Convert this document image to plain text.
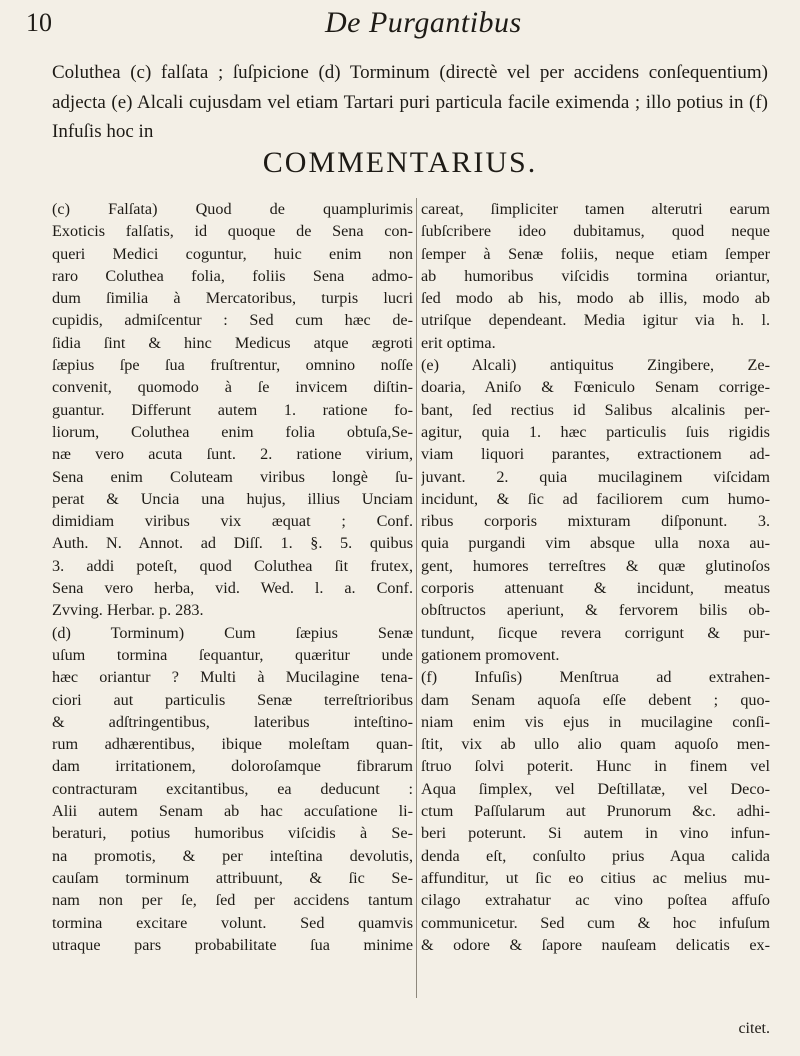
10	De Purgantibus

Coluthea (c) falſata ; ſuſpicione (d) Torminum (directè vel per accidens conſequentium) adjecta (e) Alcali cujusdam vel etiam Tartari puri particula facile eximenda ; illo potius in (f) Infuſis hoc in

COMMENTARIUS.
(c) Falſata) Quod de quamplurimis
Exoticis falſatis, id quoque de Sena con-
queri Medici coguntur, huic enim non
raro Coluthea folia, foliis Sena admo-
dum ſimilia à Mercatoribus, turpis lucri
cupidis, admiſcentur : Sed cum hæc de-
ſidia ſint & hinc Medicus atque ægroti
ſæpius ſpe ſua fruſtrentur, omnino noſſe
convenit, quomodo à ſe invicem diſtin-
guantur. Differunt autem 1. ratione fo-
liorum, Coluthea enim folia obtuſa,Se-
næ vero acuta ſunt. 2. ratione virium,
Sena enim Coluteam viribus longè ſu-
perat & Uncia una hujus, illius Unciam
dimidiam viribus vix æquat ; Conf.
Auth. N. Annot. ad Diſſ. 1. §. 5. quibus
3. addi poteſt, quod Coluthea ſit frutex,
Sena vero herba, vid. Wed. l. a. Conf.
Zvving. Herbar. p. 283.
(d) Torminum) Cum ſæpius Senæ
uſum tormina ſequantur, quæritur unde
hæc oriantur ? Multi à Mucilagine tena-
ciori aut particulis Senæ terreſtrioribus
& adſtringentibus, lateribus inteſtino-
rum adhærentibus, ibique moleſtam quan-
dam irritationem, doloroſamque fibrarum
contracturam excitantibus, ea deducunt :
Alii autem Senam ab hac accuſatione li-
beraturi, potius humoribus viſcidis à Se-
na promotis, & per inteſtina devolutis,
cauſam torminum attribuunt, & ſic Se-
nam non per ſe, ſed per accidens tantum
tormina excitare volunt. Sed quamvis
utraque pars probabilitate ſua minime
careat, ſimpliciter tamen alterutri earum
ſubſcribere ideo dubitamus, quod neque
ſemper à Senæ foliis, neque etiam ſemper
ab humoribus viſcidis tormina oriantur,
ſed modo ab his, modo ab illis, modo ab
utriſque dependeant. Media igitur via h. l.
erit optima.
(e) Alcali) antiquitus Zingibere, Ze-
doaria, Aniſo & Fœniculo Senam corrige-
bant, ſed rectius id Salibus alcalinis per-
agitur, quia 1. hæc particulis ſuis rigidis
viam liquori parantes, extractionem ad-
juvant. 2. quia mucilaginem viſcidam
incidunt, & ſic ad faciliorem cum humo-
ribus corporis mixturam diſponunt. 3.
quia purgandi vim absque ulla noxa au-
gent, humores terreſtres & quæ glutinoſos
corporis attenuant & incidunt, meatus
obſtructos aperiunt, & fervorem bilis ob-
tundunt, ſicque revera corrigunt & pur-
gationem promovent.
(f) Infuſis) Menſtrua ad extrahen-
dam Senam aquoſa eſſe debent ; quo-
niam enim vis ejus in mucilagine conſi-
ſtit, vix ab ullo alio quam aquoſo men-
ſtruo ſolvi poterit. Hunc in finem vel
Aqua ſimplex, vel Deſtillatæ, vel Deco-
ctum Paſſularum aut Prunorum &c. adhi-
beri poterunt. Si autem in vino infun-
denda eſt, conſulto prius Aqua calida
affunditur, ut ſic eo citius ac melius mu-
cilago extrahatur ac vino poſtea affuſo
communicetur. Sed cum & hoc infuſum
& odore & ſapore nauſeam delicatis ex-
citet.
